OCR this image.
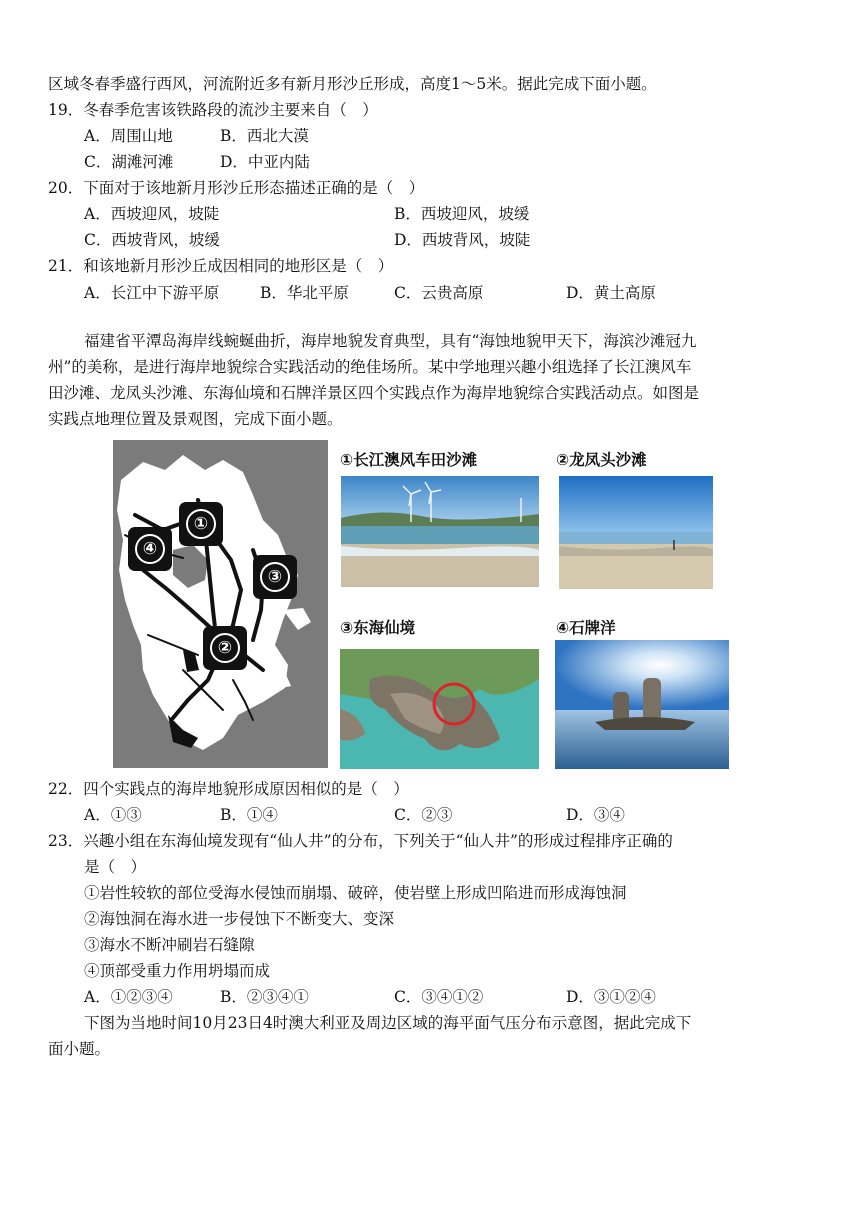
区域冬春季盛行西风，河流附近多有新月形沙丘形成，高度1～5米。据此完成下面小题。
19．冬春季危害该铁路段的流沙主要来自（　）
A．周围山地	B．西北大漠
C．湖滩河滩	D．中亚内陆
20．下面对于该地新月形沙丘形态描述正确的是（　）
A．西坡迎风，坡陡	B．西坡迎风，坡缓
C．西坡背风，坡缓	D．西坡背风，坡陡
21．和该地新月形沙丘成因相同的地形区是（　）
A．长江中下游平原	B．华北平原	C．云贵高原	D．黄土高原
福建省平潭岛海岸线蜿蜒曲折，海岸地貌发育典型，具有“海蚀地貌甲天下，海滨沙滩冠九
州”的美称，是进行海岸地貌综合实践活动的绝佳场所。某中学地理兴趣小组选择了长江澳风车
田沙滩、龙凤头沙滩、东海仙境和石牌洋景区四个实践点作为海岸地貌综合实践活动点。如图是
实践点地理位置及景观图，完成下面小题。
①
②
③
④
①长江澳风车田沙滩	②龙凤头沙滩
③东海仙境	④石牌洋
22．四个实践点的海岸地貌形成原因相似的是（　）
A．①③	B．①④	C．②③	D．③④
23．兴趣小组在东海仙境发现有“仙人井”的分布，下列关于“仙人井”的形成过程排序正确的
是（　）
①岩性较软的部位受海水侵蚀而崩塌、破碎，使岩壁上形成凹陷进而形成海蚀洞
②海蚀洞在海水进一步侵蚀下不断变大、变深
③海水不断冲刷岩石缝隙
④顶部受重力作用坍塌而成
A．①②③④	B．②③④①	C．③④①②	D．③①②④
下图为当地时间10月23日4时澳大利亚及周边区域的海平面气压分布示意图，据此完成下
面小题。
